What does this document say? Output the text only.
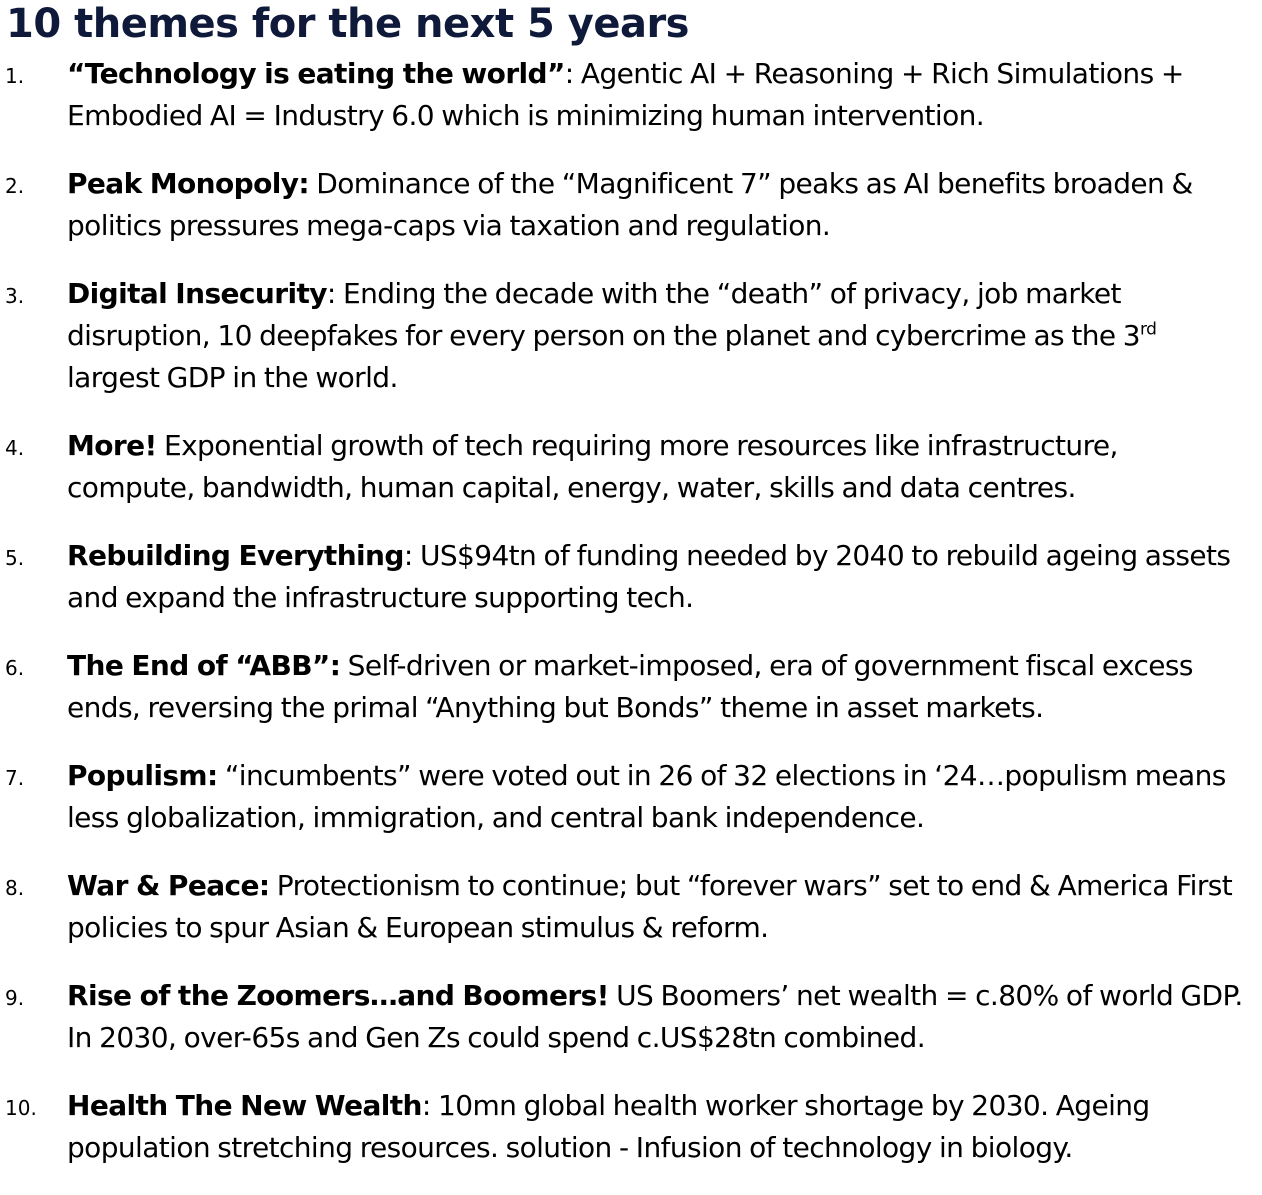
10 themes for the next 5 years
1. “Technology is eating the world”: Agentic AI + Reasoning + Rich Simulations + Embodied AI = Industry 6.0 which is minimizing human intervention.
2. Peak Monopoly: Dominance of the “Magnificent 7” peaks as AI benefits broaden & politics pressures mega-caps via taxation and regulation.
3. Digital Insecurity: Ending the decade with the “death” of privacy, job market disruption, 10 deepfakes for every person on the planet and cybercrime as the 3rd largest GDP in the world.
4. More! Exponential growth of tech requiring more resources like infrastructure, compute, bandwidth, human capital, energy, water, skills and data centres.
5. Rebuilding Everything: US$94tn of funding needed by 2040 to rebuild ageing assets and expand the infrastructure supporting tech.
6. The End of “ABB”: Self-driven or market-imposed, era of government fiscal excess ends, reversing the primal “Anything but Bonds” theme in asset markets.
7. Populism: “incumbents” were voted out in 26 of 32 elections in ‘24…populism means less globalization, immigration, and central bank independence.
8. War & Peace: Protectionism to continue; but “forever wars” set to end & America First policies to spur Asian & European stimulus & reform.
9. Rise of the Zoomers…and Boomers! US Boomers’ net wealth = c.80% of world GDP. In 2030, over-65s and Gen Zs could spend c.US$28tn combined.
10. Health The New Wealth: 10mn global health worker shortage by 2030. Ageing population stretching resources. solution - Infusion of technology in biology.
